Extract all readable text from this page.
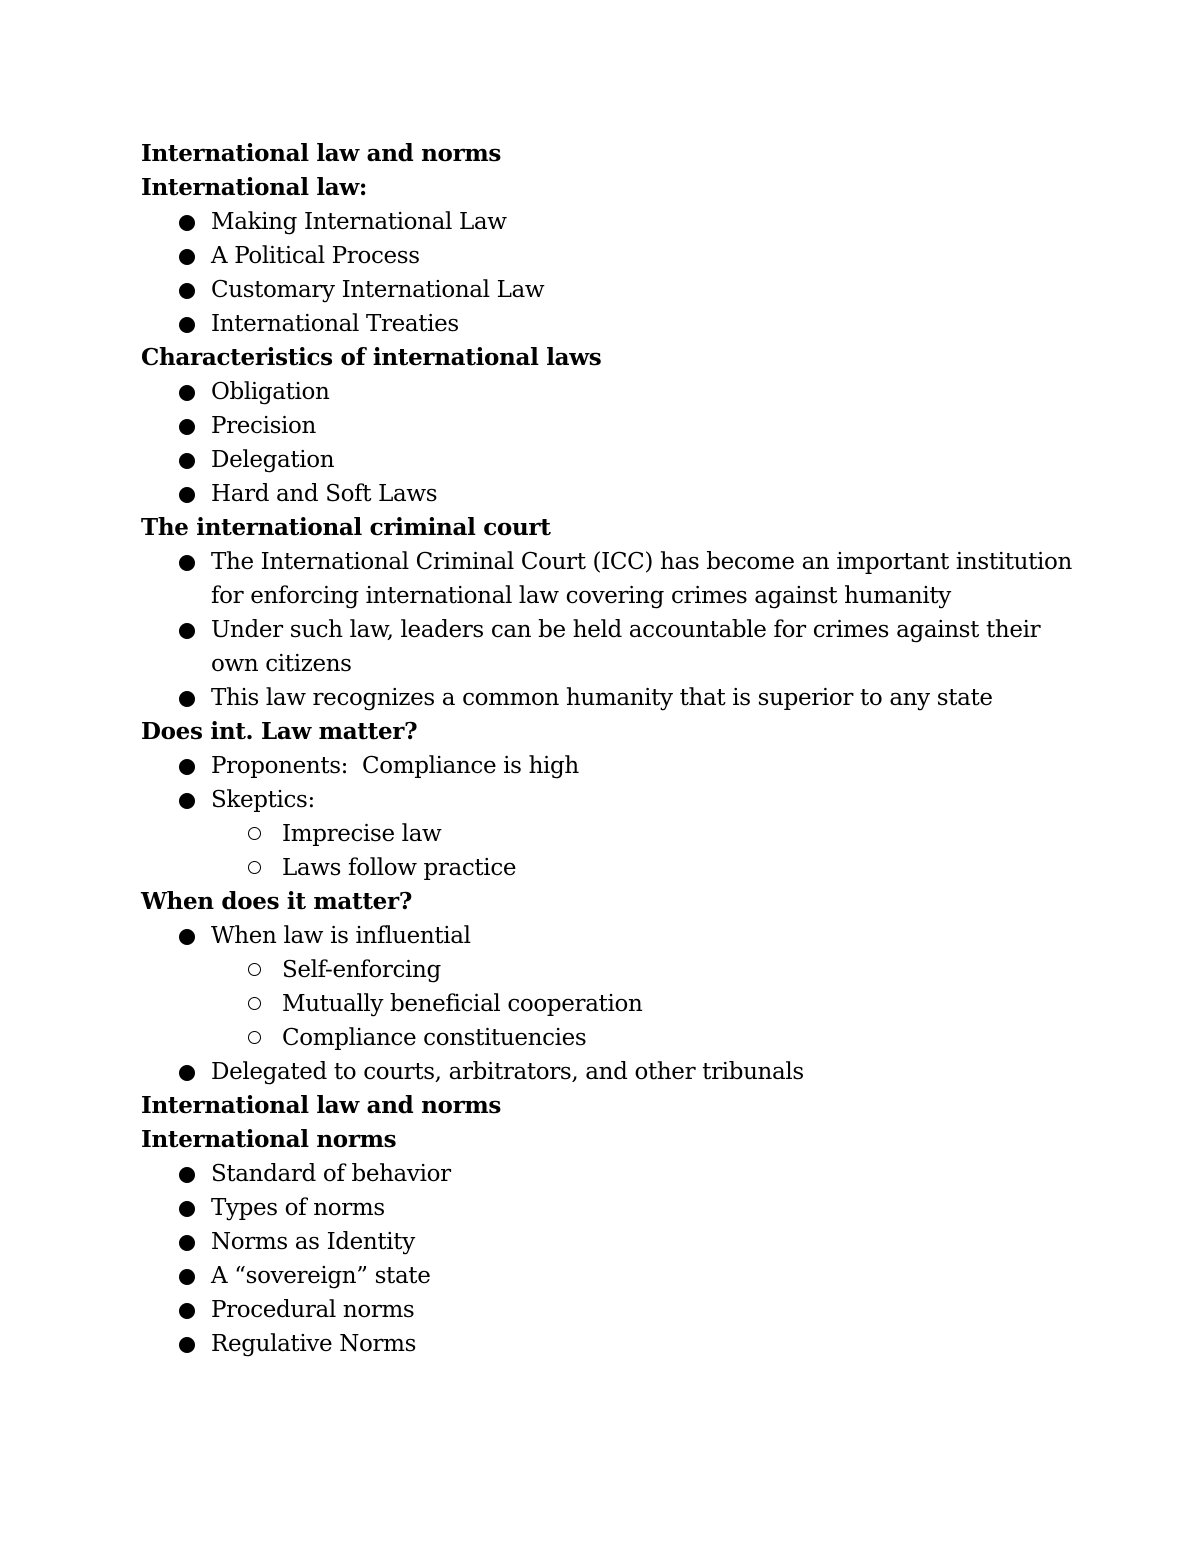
International law and norms
International law:
Making International Law
A Political Process
Customary International Law
International Treaties
Characteristics of international laws
Obligation
Precision
Delegation
Hard and Soft Laws
The international criminal court
The International Criminal Court (ICC) has become an important institution for enforcing international law covering crimes against humanity
Under such law, leaders can be held accountable for crimes against their own citizens
This law recognizes a common humanity that is superior to any state
Does int. Law matter?
Proponents:  Compliance is high
Skeptics:
Imprecise law
Laws follow practice
When does it matter?
When law is influential
Self-enforcing
Mutually beneficial cooperation
Compliance constituencies
Delegated to courts, arbitrators, and other tribunals
International law and norms
International norms
Standard of behavior
Types of norms
Norms as Identity
A “sovereign” state
Procedural norms
Regulative Norms
